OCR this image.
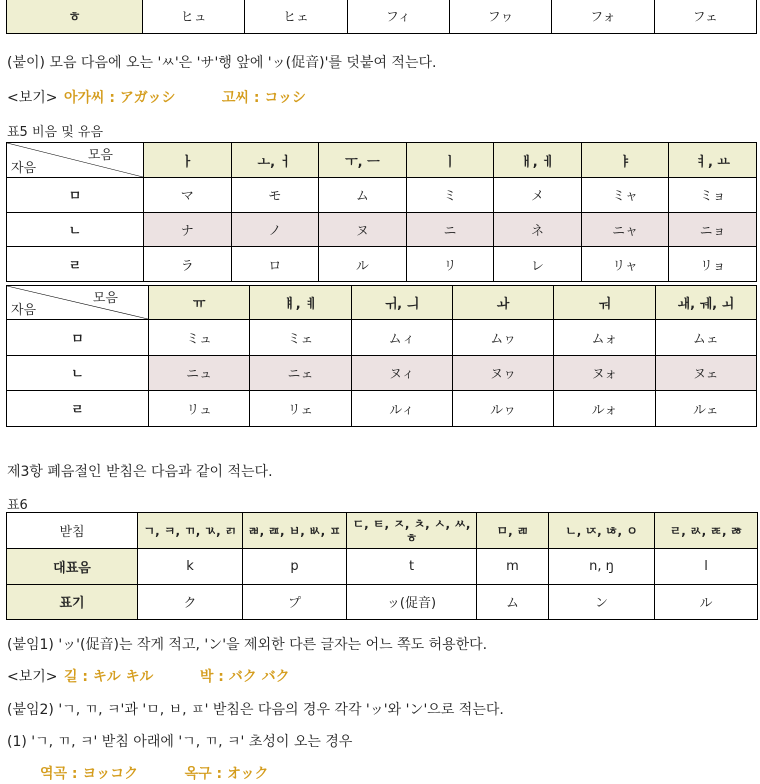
ㅎ	ヒュ	ヒェ	フィ	フヮ	フォ	フェ
(붙이) 모음 다음에 오는 'ㅆ'은 'サ'행 앞에 'ッ(促音)'를 덧붙여 적는다.
<보기> 아가씨 : アガッシ	고씨 : コッシ
표5 비음 및 유음
모음
자음	ㅏ	ㅗ, ㅓ	ㅜ, ㅡ	ㅣ	ㅐ, ㅔ	ㅑ	ㅕ, ㅛ
ㅁ	マ	モ	ム	ミ	メ	ミャ	ミョ
ㄴ	ナ	ノ	ヌ	ニ	ネ	ニャ	ニョ
ㄹ	ラ	ロ	ル	リ	レ	リャ	リョ
모음
자음	ㅠ	ㅒ, ㅖ	ㅟ, ㅢ	ㅘ	ㅝ	ㅙ, ㅞ, ㅚ
ㅁ	ミュ	ミェ	ムィ	ムヮ	ムォ	ムェ
ㄴ	ニュ	ニェ	ヌィ	ヌヮ	ヌォ	ヌェ
ㄹ	リュ	リェ	ルィ	ルヮ	ルォ	ルェ
제3항 폐음절인 받침은 다음과 같이 적는다.
표6
받침	ㄱ, ㅋ, ㄲ, ㄳ, ㄺ	ㄼ, ㄿ, ㅂ, ㅄ, ㅍ	ㄷ, ㅌ, ㅈ, ㅊ, ㅅ, ㅆ,ㅎ	ㅁ, ㄻ	ㄴ, ㄵ, ㄶ, ㅇ	ㄹ, ㄽ, ㄾ, ㅀ
대표음	k	p	t	m	n, ŋ	l
표기	ク	プ	ッ(促音)	ム	ン	ル
(붙임1) 'ッ'(促音)는 작게 적고, 'ン'을 제외한 다른 글자는 어느 쪽도 허용한다.
<보기> 길 : キル キル	박 : バク バク
(붙임2) 'ㄱ, ㄲ, ㅋ'과 'ㅁ, ㅂ, ㅍ' 받침은 다음의 경우 각각 'ッ'와 'ン'으로 적는다.
(1) 'ㄱ, ㄲ, ㅋ' 받침 아래에 'ㄱ, ㄲ, ㅋ' 초성이 오는 경우
역곡 : ヨッコク	옥구 : オック
